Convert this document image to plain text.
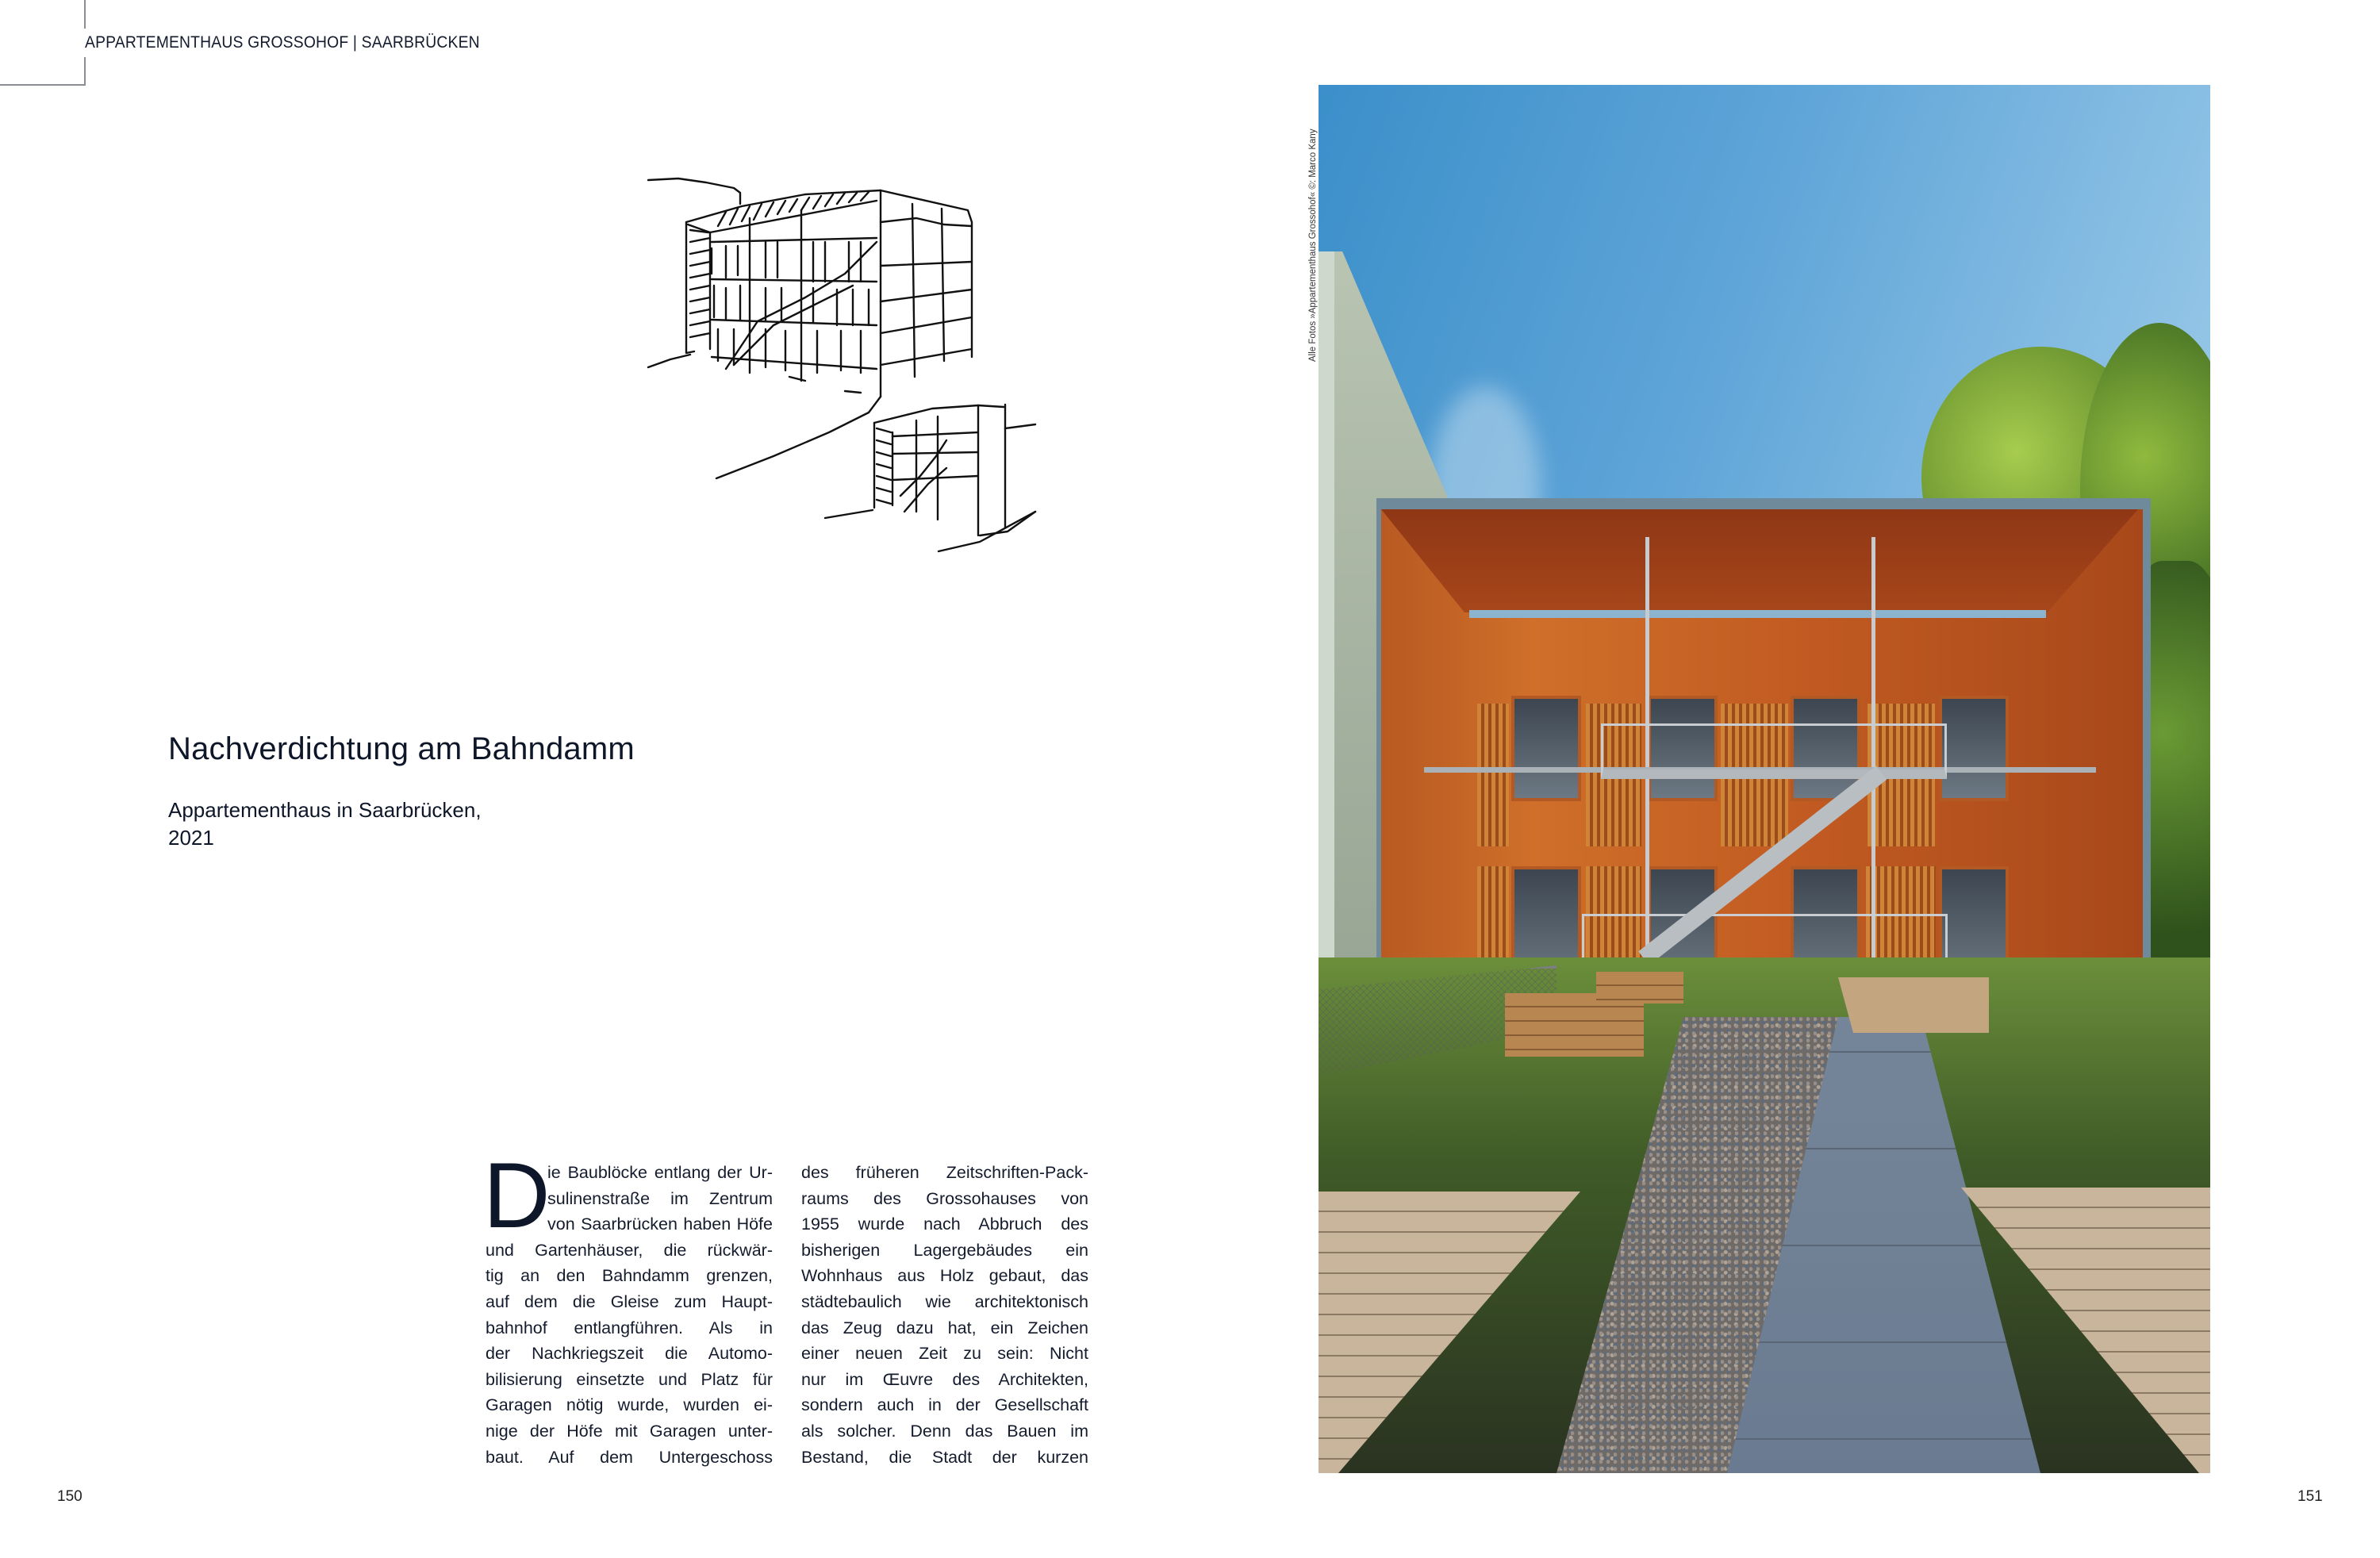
APPARTEMENTHAUS GROSSOHOF | SAARBRÜCKEN
Nachverdichtung am Bahndamm
Appartementhaus in Saarbrücken,
2021
D
ie Baublöcke entlang der Ur-
sulinenstraße im Zentrum
von Saarbrücken haben Höfe
und Gartenhäuser, die rückwär-
tig an den Bahndamm grenzen,
auf dem die Gleise zum Haupt-
bahnhof entlangführen. Als in
der Nachkriegszeit die Automo-
bilisierung einsetzte und Platz für
Garagen nötig wurde, wurden ei-
nige der Höfe mit Garagen unter-
baut. Auf dem Untergeschoss
des früheren Zeitschriften-Pack-
raums des Grossohauses von
1955 wurde nach Abbruch des
bisherigen Lagergebäudes ein
Wohnhaus aus Holz gebaut, das
städtebaulich wie architektonisch
das Zeug dazu hat, ein Zeichen
einer neuen Zeit zu sein: Nicht
nur im Œuvre des Architekten,
sondern auch in der Gesellschaft
als solcher. Denn das Bauen im
Bestand, die Stadt der kurzen
150	151
Alle Fotos »Appartementhaus Grossohof« ©: Marco Kany
